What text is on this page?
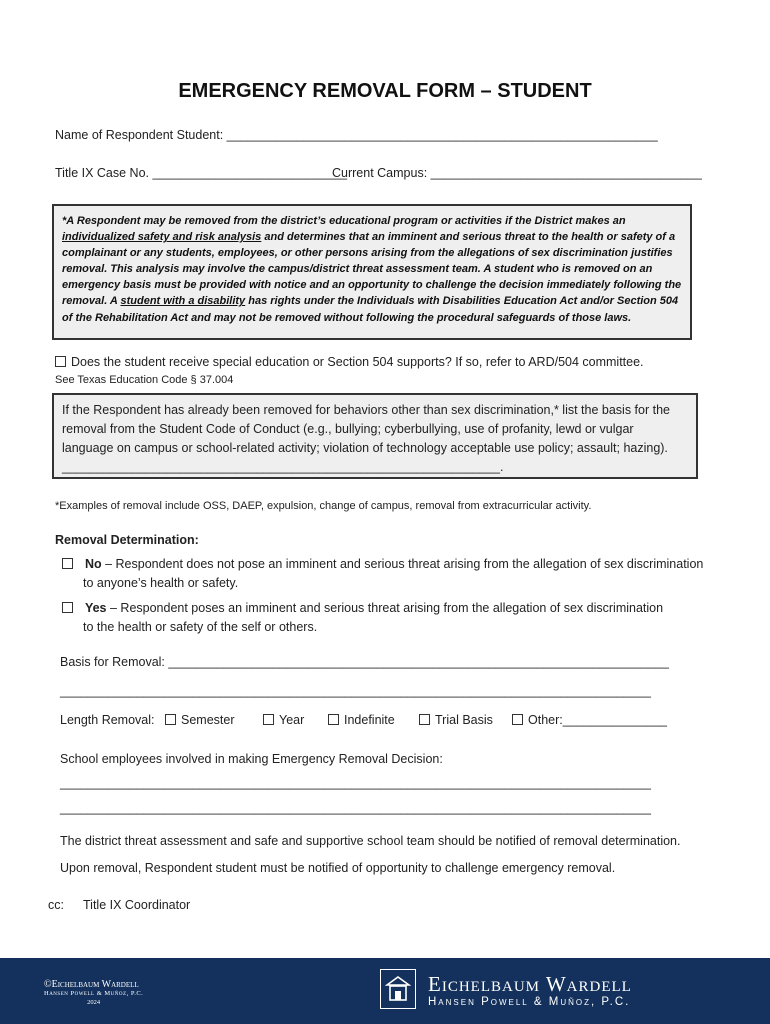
EMERGENCY REMOVAL FORM – STUDENT
Name of Respondent Student: ______________________________________________________________
Title IX Case No. ____________________________
Current Campus: _______________________________________
*A Respondent may be removed from the district’s educational program or activities if the District makes an individualized safety and risk analysis and determines that an imminent and serious threat to the health or safety of a complainant or any students, employees, or other persons arising from the allegations of sex discrimination justifies removal. This analysis may involve the campus/district threat assessment team. A student who is removed on an emergency basis must be provided with notice and an opportunity to challenge the decision immediately following the removal. A student with a disability has rights under the Individuals with Disabilities Education Act and/or Section 504 of the Rehabilitation Act and may not be removed without following the procedural safeguards of those laws.
Does the student receive special education or Section 504 supports? If so, refer to ARD/504 committee.
See Texas Education Code § 37.004
If the Respondent has already been removed for behaviors other than sex discrimination,* list the basis for the removal from the Student Code of Conduct (e.g., bullying; cyberbullying, use of profanity, lewd or vulgar language on campus or school-related activity; violation of technology acceptable use policy; assault; hazing). _______________________________________________________________.
*Examples of removal include OSS, DAEP, expulsion, change of campus, removal from extracurricular activity.
Removal Determination:
No – Respondent does not pose an imminent and serious threat arising from the allegation of sex discrimination
to anyone’s health or safety.
Yes – Respondent poses an imminent and serious threat arising from the allegation of sex discrimination
to the health or safety of the self or others.
Basis for Removal: ________________________________________________________________________
_____________________________________________________________________________________
Length Removal:	Semester	Year	Indefinite	Trial Basis	Other:_______________
School employees involved in making Emergency Removal Decision:
_____________________________________________________________________________________
_____________________________________________________________________________________
The district threat assessment and safe and supportive school team should be notified of removal determination.
Upon removal, Respondent student must be notified of opportunity to challenge emergency removal.
cc: Title IX Coordinator
©Eichelbaum Wardell
Hansen Powell & Muñoz, P.C.
2024
Eichelbaum Wardell
Hansen Powell & Muñoz, P.C.
